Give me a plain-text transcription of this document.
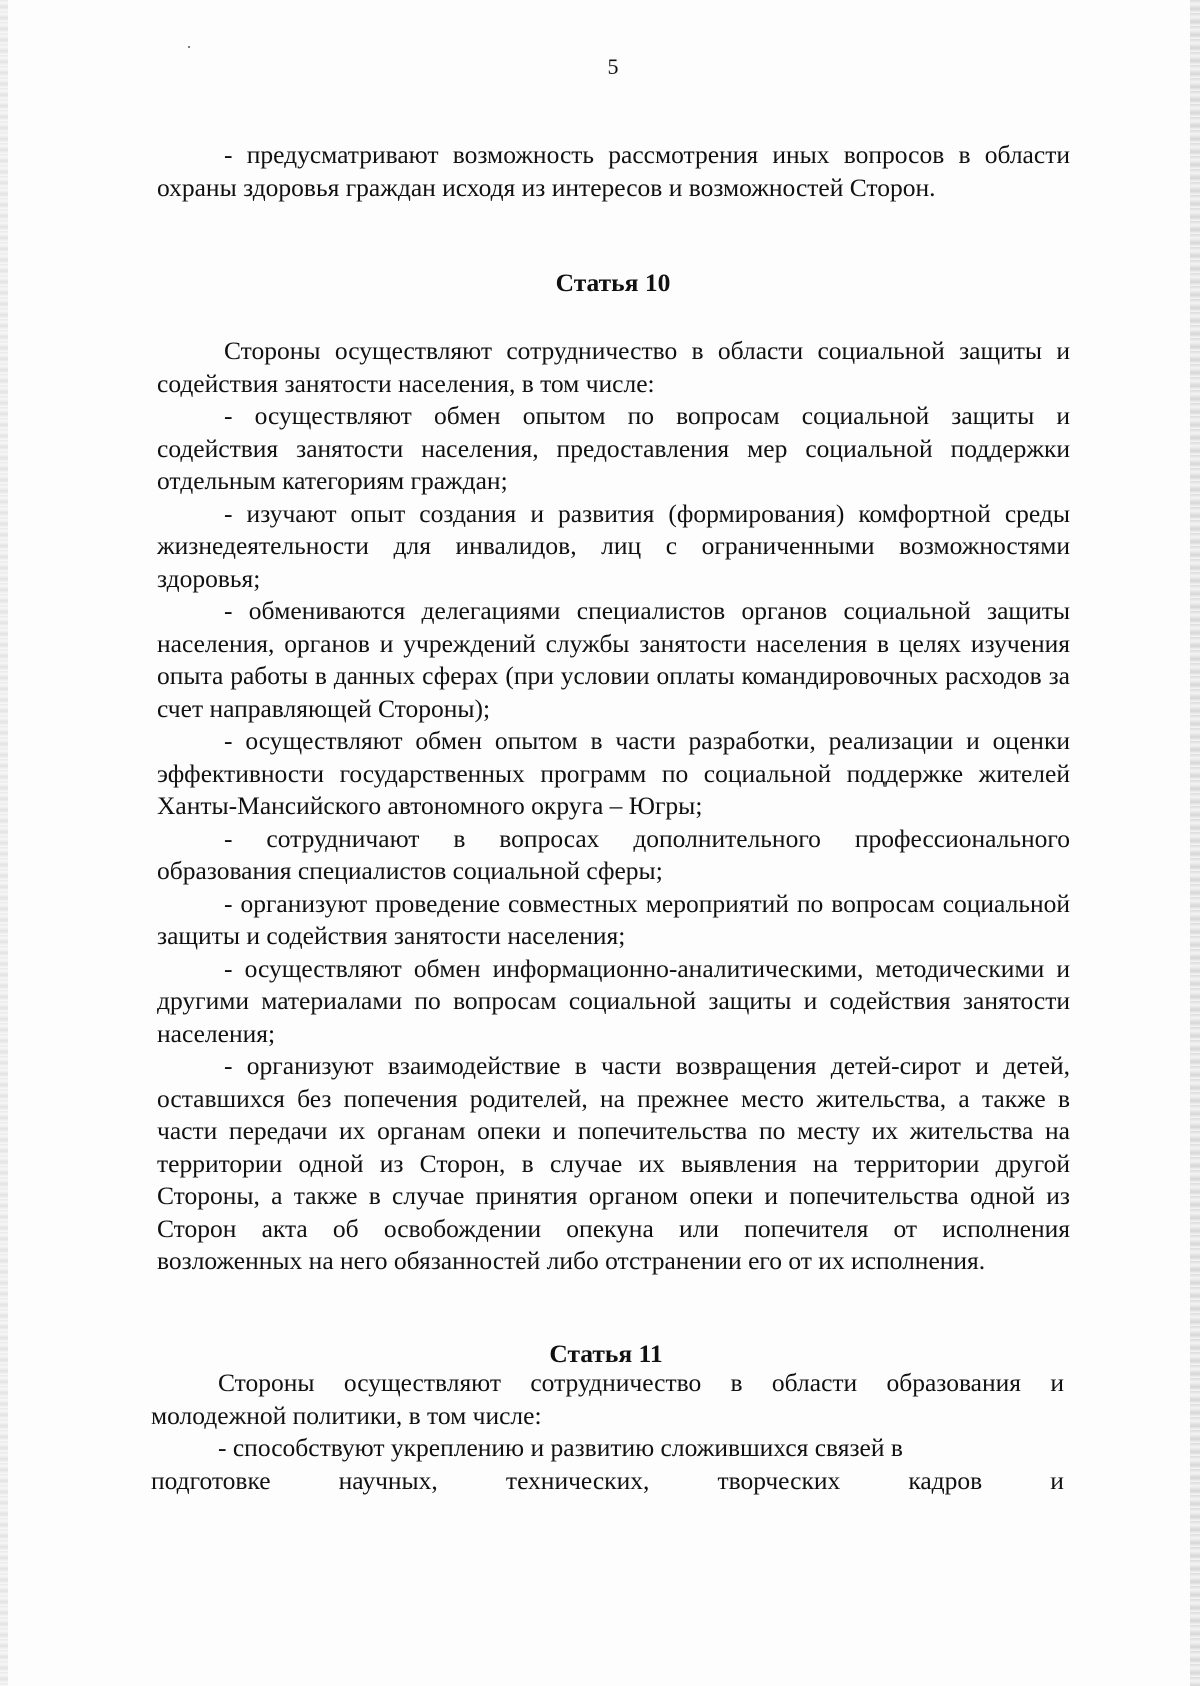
5

- предусматривают возможность рассмотрения иных вопросов в области охраны здоровья граждан исходя из интересов и возможностей Сторон.

Статья 10

Стороны осуществляют сотрудничество в области социальной защиты и содействия занятости населения, в том числе:

- осуществляют обмен опытом по вопросам социальной защиты и содействия занятости населения, предоставления мер социальной поддержки отдельным категориям граждан;

- изучают опыт создания и развития (формирования) комфортной среды жизнедеятельности для инвалидов, лиц с ограниченными возможностями здоровья;

- обмениваются делегациями специалистов органов социальной защиты населения, органов и учреждений службы занятости населения в целях изучения опыта работы в данных сферах (при условии оплаты командировочных расходов за счет направляющей Стороны);

- осуществляют обмен опытом в части разработки, реализации и оценки эффективности государственных программ по социальной поддержке жителей Ханты-Мансийского автономного округа – Югры;

- сотрудничают в вопросах дополнительного профессионального образования специалистов социальной сферы;

- организуют проведение совместных мероприятий по вопросам социальной защиты и содействия занятости населения;

- осуществляют обмен информационно-аналитическими, методическими и другими материалами по вопросам социальной защиты и содействия занятости населения;

- организуют взаимодействие в части возвращения детей-сирот и детей, оставшихся без попечения родителей, на прежнее место жительства, а также в части передачи их органам опеки и попечительства по месту их жительства на территории одной из Сторон, в случае их выявления на территории другой Стороны, а также в случае принятия органом опеки и попечительства одной из Сторон акта об освобождении опекуна или попечителя от исполнения возложенных на него обязанностей либо отстранении его от их исполнения.

Статья 11

Стороны осуществляют сотрудничество в области образования и молодежной политики, в том числе:

- способствуют укреплению и развитию сложившихся связей в

подготовке	научных,	технических,	творческих	кадров	и
